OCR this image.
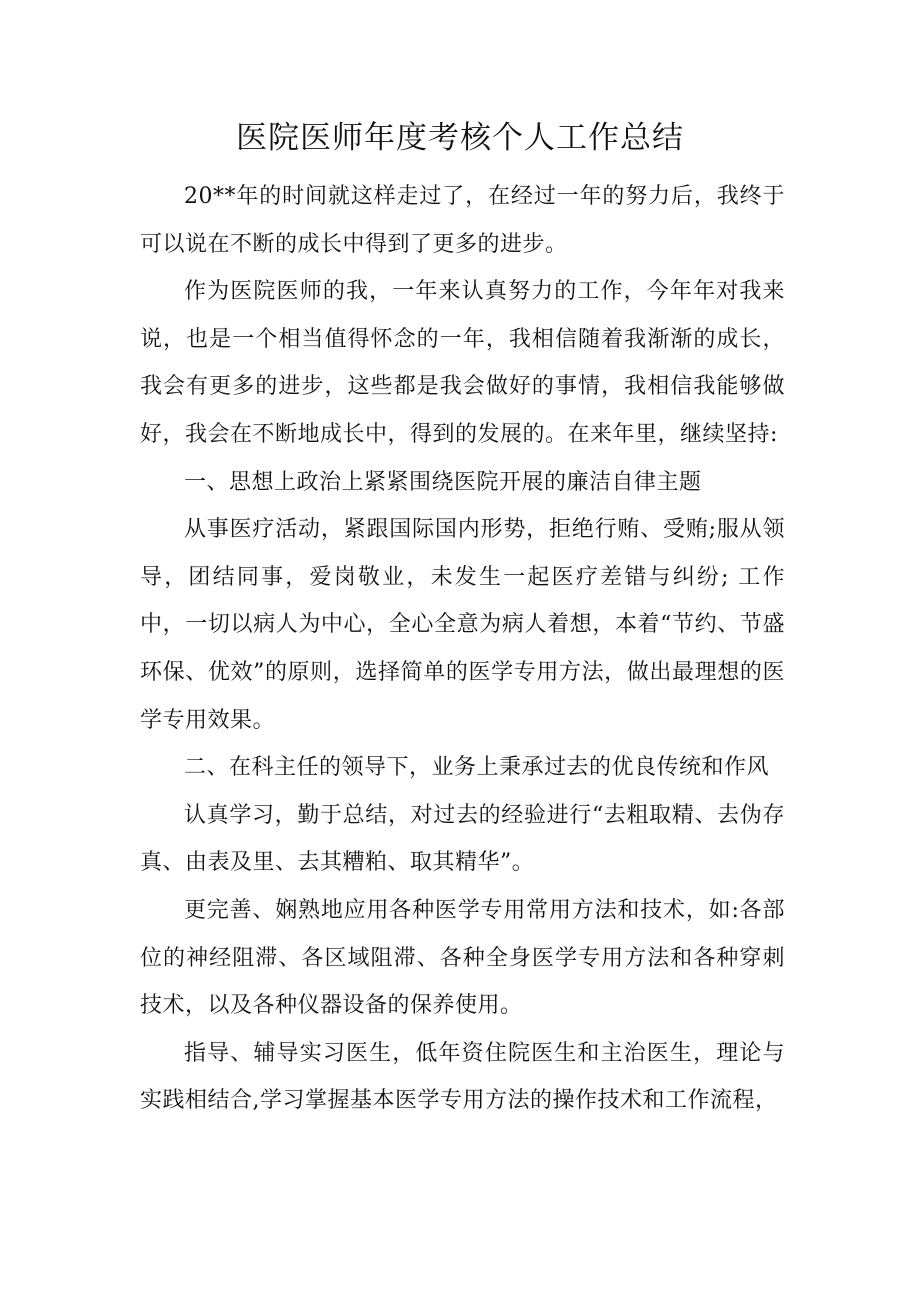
医院医师年度考核个人工作总结

20**年的时间就这样走过了，在经过一年的努力后，我终于可以说在不断的成长中得到了更多的进步。

作为医院医师的我，一年来认真努力的工作，今年年对我来说，也是一个相当值得怀念的一年，我相信随着我渐渐的成长，我会有更多的进步，这些都是我会做好的事情，我相信我能够做好，我会在不断地成长中，得到的发展的。在来年里，继续坚持:

一、思想上政治上紧紧围绕医院开展的廉洁自律主题

从事医疗活动，紧跟国际国内形势，拒绝行贿、受贿;服从领导，团结同事，爱岗敬业，未发生一起医疗差错与纠纷; 工作中，一切以病人为中心，全心全意为病人着想，本着“节约、节盛环保、优效”的原则，选择简单的医学专用方法，做出最理想的医学专用效果。

二、在科主任的领导下，业务上秉承过去的优良传统和作风

认真学习，勤于总结，对过去的经验进行“去粗取精、去伪存真、由表及里、去其糟粕、取其精华”。

更完善、娴熟地应用各种医学专用常用方法和技术，如:各部位的神经阻滞、各区域阻滞、各种全身医学专用方法和各种穿刺技术，以及各种仪器设备的保养使用。

指导、辅导实习医生，低年资住院医生和主治医生，理论与实践相结合,学习掌握基本医学专用方法的操作技术和工作流程，
